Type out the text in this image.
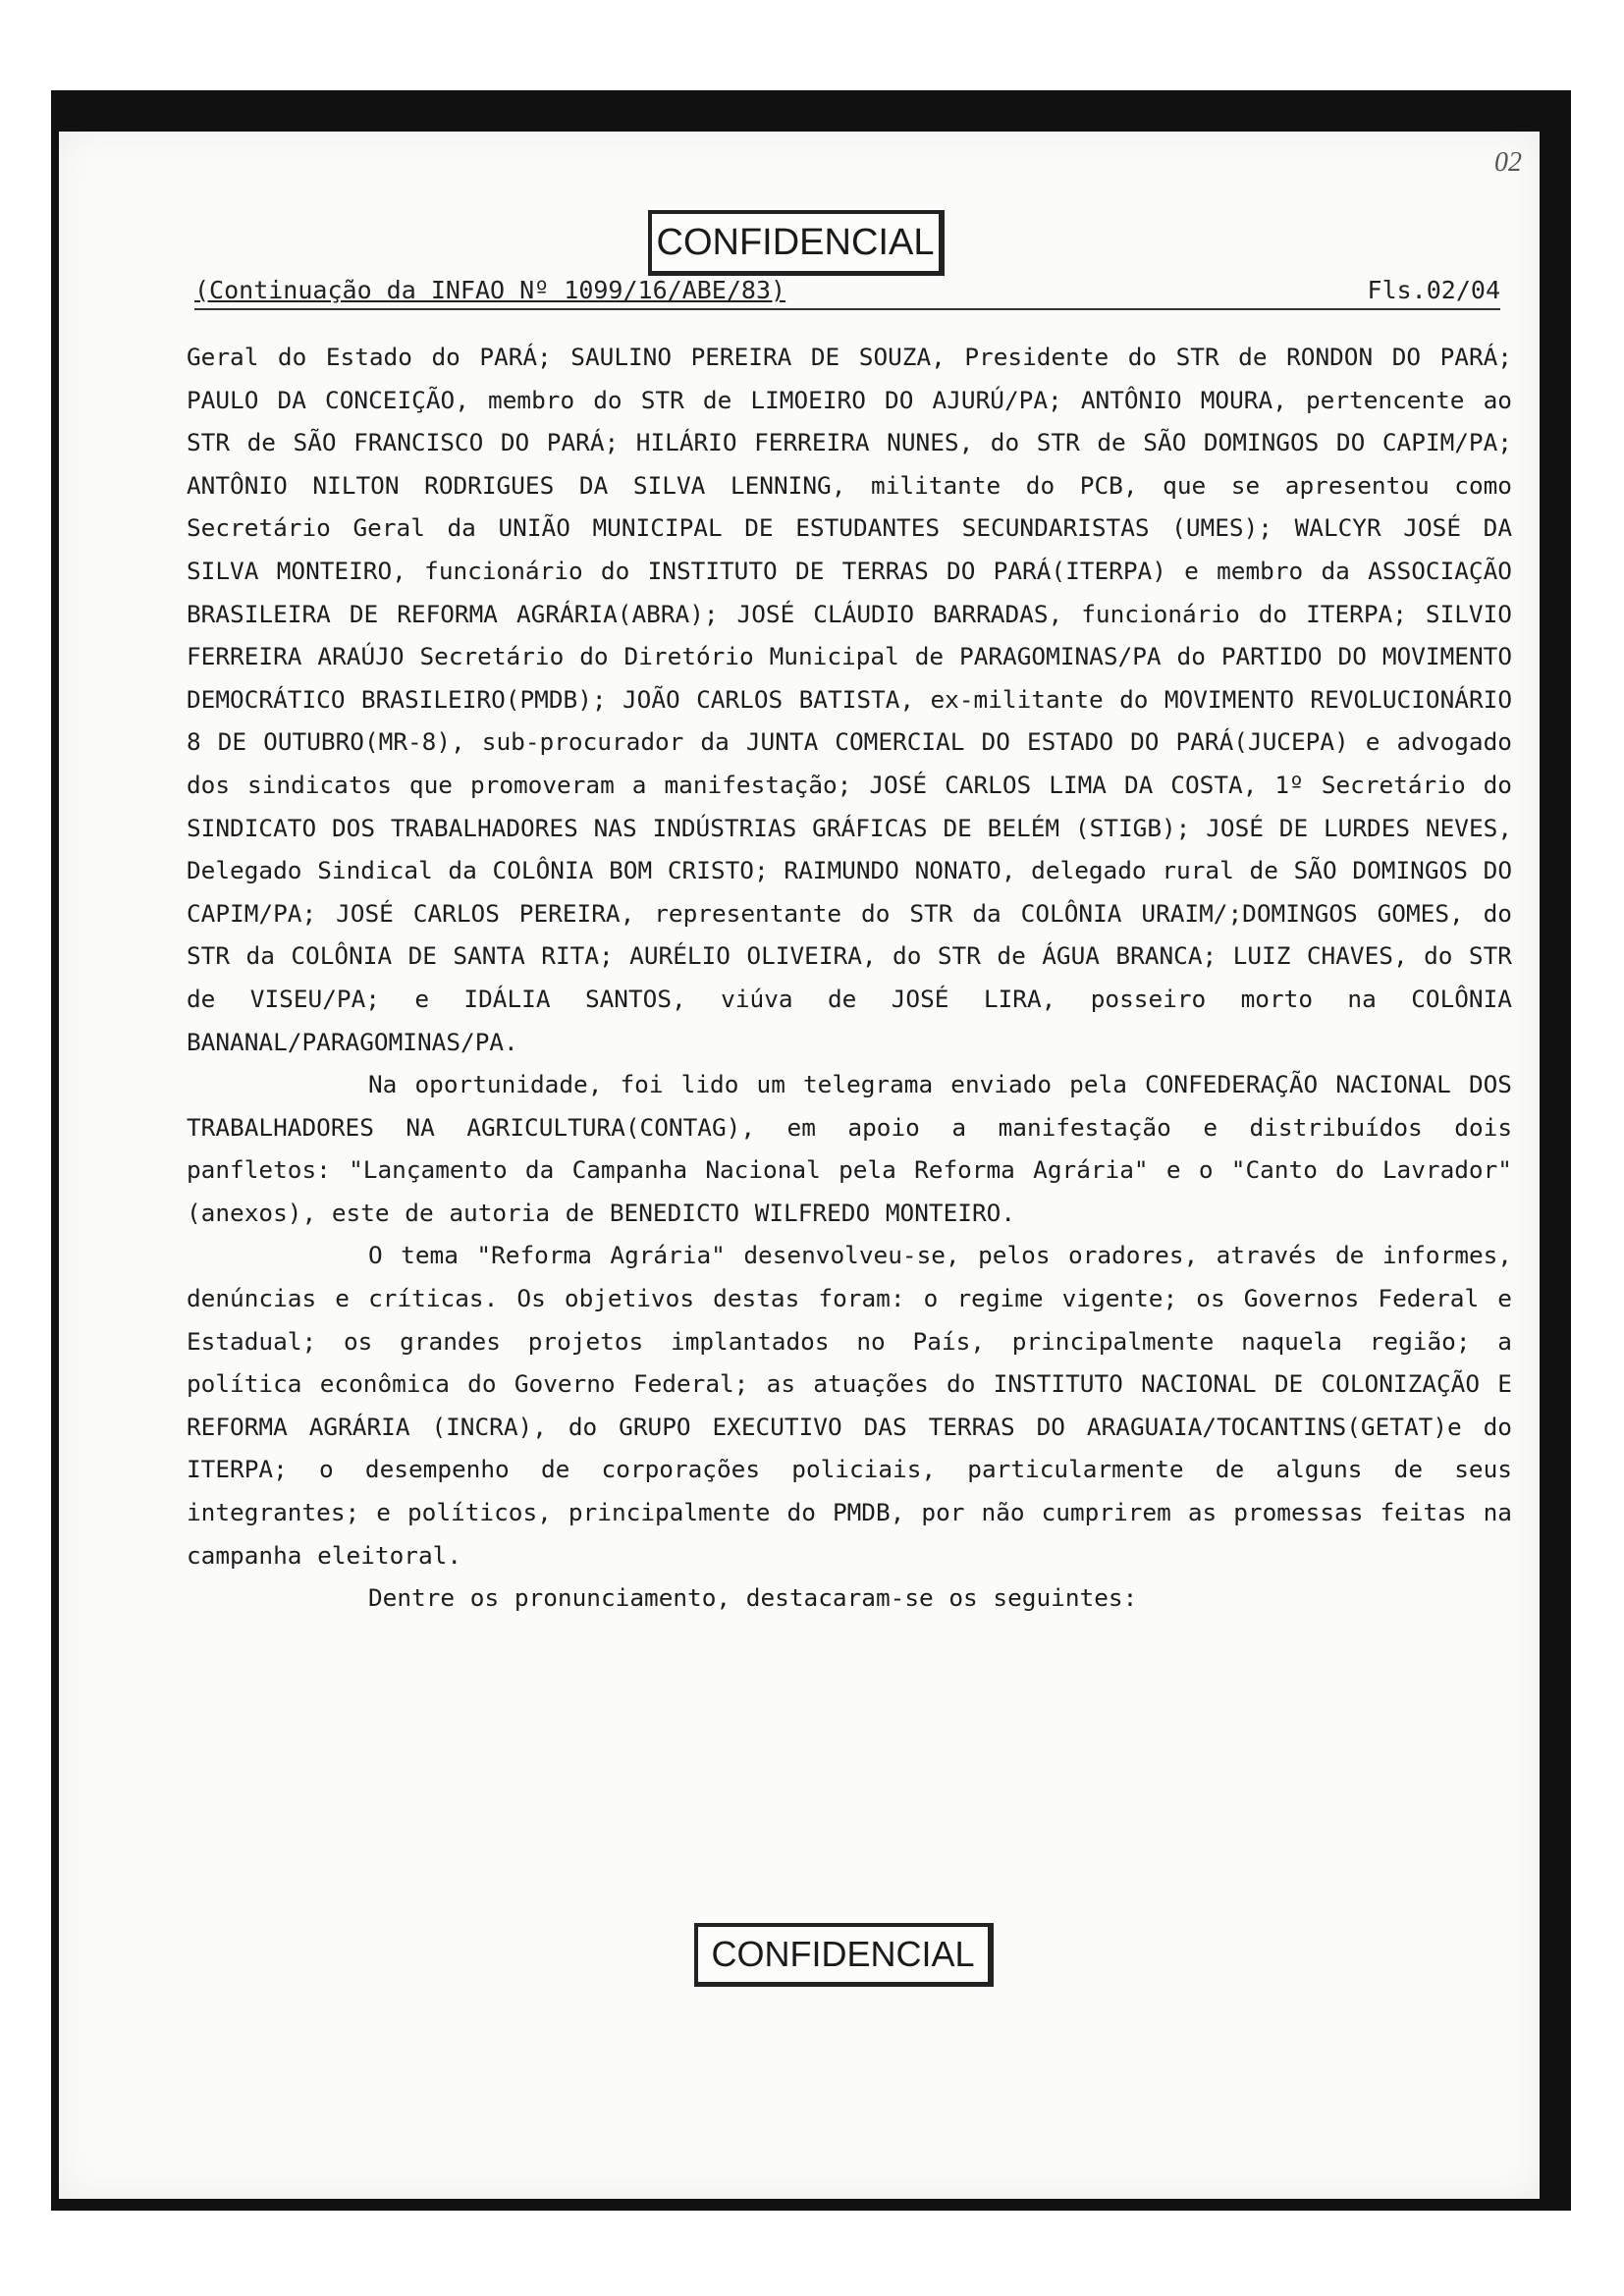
02
CONFIDENCIAL
(Continuação da INFAO Nº 1099/16/ABE/83)	Fls.02/04

Geral do Estado do PARÁ; SAULINO PEREIRA DE SOUZA, Presidente do STR de RONDON DO PARÁ; PAULO DA CONCEIÇÃO, membro do STR de LIMOEIRO DO AJURÚ/PA; ANTÔNIO MOURA, pertencente ao STR de SÃO FRANCISCO DO PARÁ; HILÁRIO FERREIRA NUNES, do STR de SÃO DOMINGOS DO CAPIM/PA; ANTÔNIO NILTON RODRIGUES DA SILVA LENNING, militante do PCB, que se apresentou como Secretário Geral da UNIÃO MUNICIPAL DE ESTUDANTES SECUNDARISTAS (UMES); WALCYR JOSÉ DA SILVA MONTEIRO, funcionário do INSTITUTO DE TERRAS DO PARÁ(ITERPA) e membro da ASSOCIAÇÃO BRASILEIRA DE REFORMA AGRÁRIA(ABRA); JOSÉ CLÁUDIO BARRADAS, funcionário do ITERPA; SILVIO FERREIRA ARAÚJO Secretário do Diretório Municipal de PARAGOMINAS/PA do PARTIDO DO MOVIMENTO DEMOCRÁTICO BRASILEIRO(PMDB); JOÃO CARLOS BATISTA, ex-militante do MOVIMENTO REVOLUCIONÁRIO 8 DE OUTUBRO(MR-8), sub-procurador da JUNTA COMERCIAL DO ESTADO DO PARÁ(JUCEPA) e advogado dos sindicatos que promoveram a manifestação; JOSÉ CARLOS LIMA DA COSTA, 1º Secretário do SINDICATO DOS TRABALHADORES NAS INDÚSTRIAS GRÁFICAS DE BELÉM (STIGB); JOSÉ DE LURDES NEVES, Delegado Sindical da COLÔNIA BOM CRISTO; RAIMUNDO NONATO, delegado rural de SÃO DOMINGOS DO CAPIM/PA; JOSÉ CARLOS PEREIRA, representante do STR da COLÔNIA URAIM/;DOMINGOS GOMES, do STR da COLÔNIA DE SANTA RITA; AURÉLIO OLIVEIRA, do STR de ÁGUA BRANCA; LUIZ CHAVES, do STR de VISEU/PA; e IDÁLIA SANTOS, viúva de JOSÉ LIRA, posseiro morto na COLÔNIA BANANAL/PARAGOMINAS/PA.

Na oportunidade, foi lido um telegrama enviado pela CONFEDERAÇÃO NACIONAL DOS TRABALHADORES NA AGRICULTURA(CONTAG), em apoio a manifestação e distribuídos dois panfletos: "Lançamento da Campanha Nacional pela Reforma Agrária" e o "Canto do Lavrador"(anexos), este de autoria de BENEDICTO WILFREDO MONTEIRO.

O tema "Reforma Agrária" desenvolveu-se, pelos oradores, através de informes, denúncias e críticas. Os objetivos destas foram: o regime vigente; os Governos Federal e Estadual; os grandes projetos implantados no País, principalmente naquela região; a política econômica do Governo Federal; as atuações do INSTITUTO NACIONAL DE COLONIZAÇÃO E REFORMA AGRÁRIA (INCRA), do GRUPO EXECUTIVO DAS TERRAS DO ARAGUAIA/TOCANTINS(GETAT)e do ITERPA; o desempenho de corporações policiais, particularmente de alguns de seus integrantes; e políticos, principalmente do PMDB, por não cumprirem as promessas feitas na campanha eleitoral.

Dentre os pronunciamento, destacaram-se os seguintes:

CONFIDENCIAL
